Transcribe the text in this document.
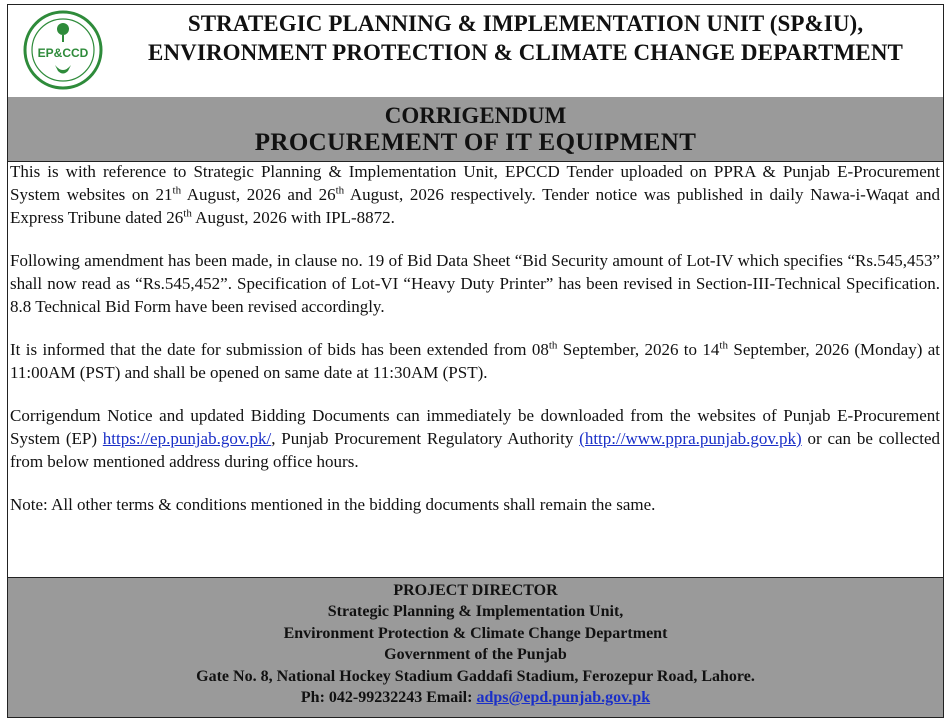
EP&CCD
STRATEGIC PLANNING & IMPLEMENTATION UNIT (SP&IU),
ENVIRONMENT PROTECTION & CLIMATE CHANGE DEPARTMENT
CORRIGENDUM
PROCUREMENT OF IT EQUIPMENT

This is with reference to Strategic Planning & Implementation Unit, EPCCD Tender uploaded on PPRA & Punjab E-Procurement System websites on 21th August, 2026 and 26th August, 2026 respectively. Tender notice was published in daily Nawa-i-Waqat and Express Tribune dated 26th August, 2026 with IPL-8872.

Following amendment has been made, in clause no. 19 of Bid Data Sheet “Bid Security amount of Lot-IV which specifies “Rs.545,453” shall now read as “Rs.545,452”. Specification of Lot-VI “Heavy Duty Printer” has been revised in Section-III-Technical Specification. 8.8 Technical Bid Form have been revised accordingly.

It is informed that the date for submission of bids has been extended from 08th September, 2026 to 14th September, 2026 (Monday) at 11:00AM (PST) and shall be opened on same date at 11:30AM (PST).

Corrigendum Notice and updated Bidding Documents can immediately be downloaded from the websites of Punjab E-Procurement System (EP) https://ep.punjab.gov.pk/, Punjab Procurement Regulatory Authority (http://www.ppra.punjab.gov.pk) or can be collected from below mentioned address during office hours.

Note: All other terms & conditions mentioned in the bidding documents shall remain the same.

PROJECT DIRECTOR
Strategic Planning & Implementation Unit,
Environment Protection & Climate Change Department
Government of the Punjab
Gate No. 8, National Hockey Stadium Gaddafi Stadium, Ferozepur Road, Lahore.
Ph: 042-99232243 Email: adps@epd.punjab.gov.pk
